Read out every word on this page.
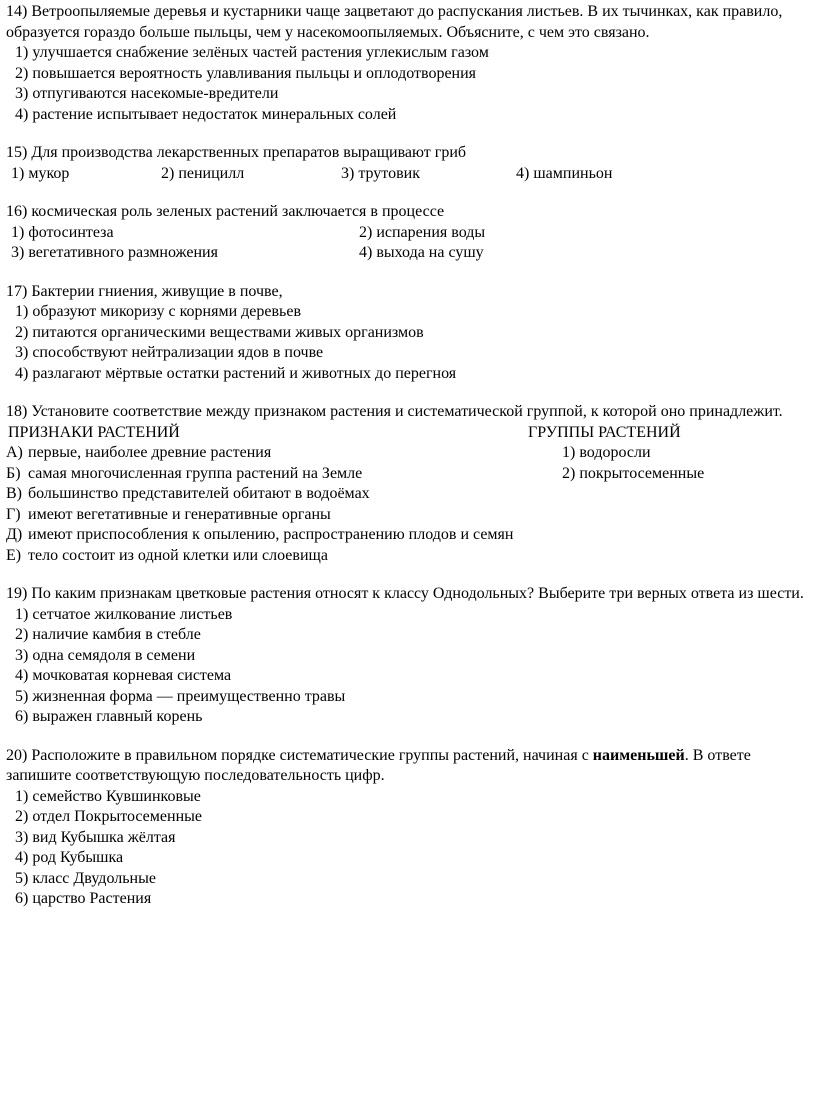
14) Ветроопыляемые деревья и кустарники чаще зацветают до распускания листьев. В их тычинках, как правило, образуется гораздо больше пыльцы, чем у насекомоопыляемых. Объясните, с чем это связано.

1) улучшается снабжение зелёных частей растения углекислым газом

2) повышается вероятность улавливания пыльцы и оплодотворения

3) отпугиваются насекомые-вредители

4) растение испытывает недостаток минеральных солей

15) Для производства лекарственных препаратов выращивают гриб

1) мукор	2) пеницилл	3) трутовик	4) шампиньон

16) космическая роль зеленых растений заключается в процессе

1) фотосинтеза	2) испарения воды
3) вегетативного размножения	4) выхода на сушу

17) Бактерии гниения, живущие в почве,

1) образуют микоризу с корнями деревьев

2) питаются органическими веществами живых организмов

3) способствуют нейтрализации ядов в почве

4) разлагают мёртвые остатки растений и животных до перегноя

18) Установите соответствие между признаком растения и систематической группой, к которой оно принадлежит.

ПРИЗНАКИ РАСТЕНИЙ	ГРУППЫ РАСТЕНИЙ
А) первые, наиболее древние растения	1) водоросли
Б) самая многочисленная группа растений на Земле	2) покрытосеменные
В) большинство представителей обитают в водоёмах
Г) имеют вегетативные и генеративные органы
Д) имеют приспособления к опылению, распространению плодов и семян
Е) тело состоит из одной клетки или слоевища

19) По каким признакам цветковые растения относят к классу Однодольных? Выберите три верных ответа из шести.

1) сетчатое жилкование листьев

2) наличие камбия в стебле

3) одна семядоля в семени

4) мочковатая корневая система

5) жизненная форма — преимущественно травы

6) выражен главный корень

20) Расположите в правильном порядке систематические группы растений, начиная с наименьшей. В ответе запишите соответствующую последовательность цифр.

1) семейство Кувшинковые

2) отдел Покрытосеменные

3) вид Кубышка жёлтая

4) род Кубышка

5) класс Двудольные

6) царство Растения
